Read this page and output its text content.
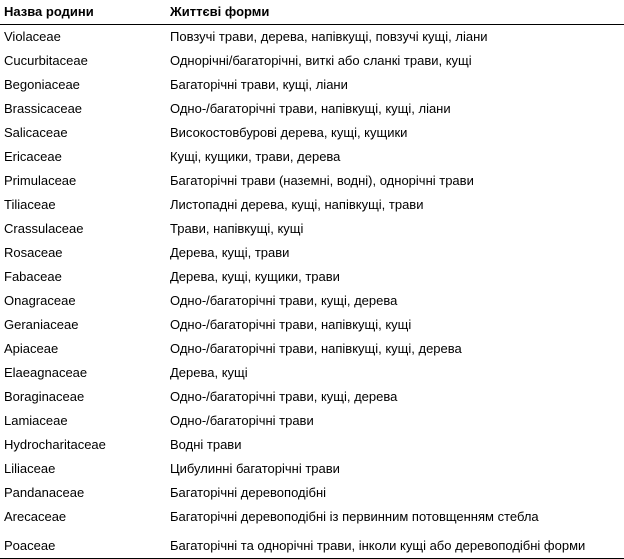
Назва родини	Життєві форми
Violaceae	Повзучі трави, дерева, напівкущі, повзучі кущі, ліани
Cucurbitaceae	Однорічні/багаторічні, виткі або сланкі трави, кущі
Begoniaceae	Багаторічні трави, кущі, ліани
Brassicaceae	Одно-/багаторічні трави, напівкущі, кущі, ліани
Salicaceae	Високостовбурові дерева, кущі, кущики
Ericaceae	Кущі, кущики, трави, дерева
Primulaceae	Багаторічні трави (наземні, водні), однорічні трави
Tiliaceae	Листопадні дерева, кущі, напівкущі, трави
Crassulaceae	Трави, напівкущі, кущі
Rosaceae	Дерева, кущі, трави
Fabaceae	Дерева, кущі, кущики, трави
Onagraceae	Одно-/багаторічні трави, кущі, дерева
Geraniaceae	Одно-/багаторічні трави, напівкущі, кущі
Apiaceae	Одно-/багаторічні трави, напівкущі, кущі, дерева
Elaeagnaceae	Дерева, кущі
Boraginaceae	Одно-/багаторічні трави, кущі, дерева
Lamiaceae	Одно-/багаторічні трави
Hydrocharitaceae	Водні трави
Liliaceae	Цибулинні багаторічні трави
Pandanaceae	Багаторічні деревоподібні
Arecaceae	Багаторічні деревоподібні із первинним потовщенням стебла
Poaceae	Багаторічні та однорічні трави, інколи кущі або деревоподібні форми
